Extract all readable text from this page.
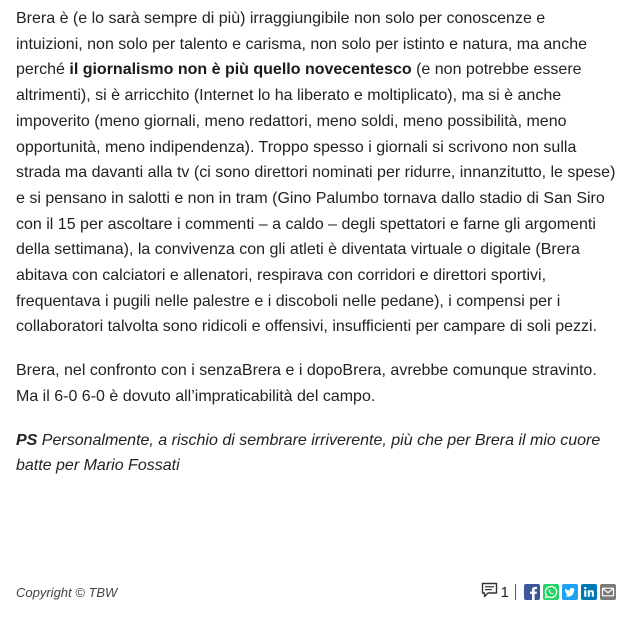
Brera è (e lo sarà sempre di più) irraggiungibile non solo per conoscenze e intuizioni, non solo per talento e carisma, non solo per istinto e natura, ma anche perché il giornalismo non è più quello novecentesco (e non potrebbe essere altrimenti), si è arricchito (Internet lo ha liberato e moltiplicato), ma si è anche impoverito (meno giornali, meno redattori, meno soldi, meno possibilità, meno opportunità, meno indipendenza). Troppo spesso i giornali si scrivono non sulla strada ma davanti alla tv (ci sono direttori nominati per ridurre, innanzitutto, le spese) e si pensano in salotti e non in tram (Gino Palumbo tornava dallo stadio di San Siro con il 15 per ascoltare i commenti – a caldo – degli spettatori e farne gli argomenti della settimana), la convivenza con gli atleti è diventata virtuale o digitale (Brera abitava con calciatori e allenatori, respirava con corridori e direttori sportivi, frequentava i pugili nelle palestre e i discoboli nelle pedane), i compensi per i collaboratori talvolta sono ridicoli e offensivi, insufficienti per campare di soli pezzi.

Brera, nel confronto con i senzaBrera e i dopoBrera, avrebbe comunque stravinto. Ma il 6-0 6-0 è dovuto all’impraticabilità del campo.

PS Personalmente, a rischio di sembrare irriverente, più che per Brera il mio cuore batte per Mario Fossati

Copyright © TBW	1
